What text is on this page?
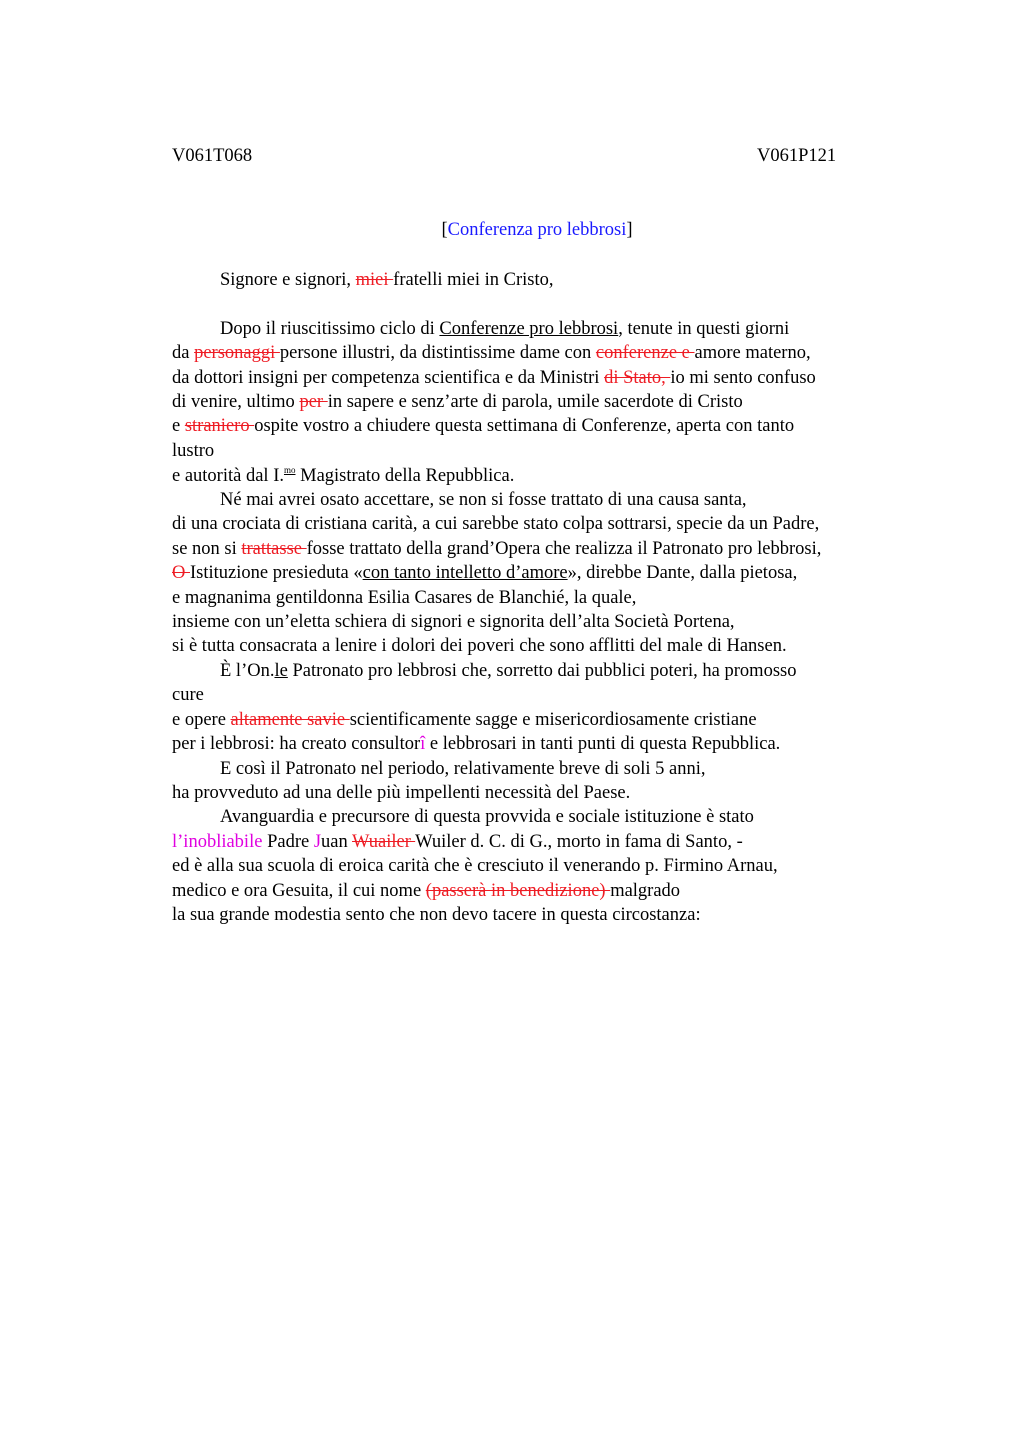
V061T068	V061P121
[Conferenza pro lebbrosi]
Signore e signori, miei fratelli miei in Cristo,
Dopo il riuscitissimo ciclo di Conferenze pro lebbrosi, tenute in questi giorni
da personaggi persone illustri, da distintissime dame con conferenze e amore materno,
da dottori insigni per competenza scientifica e da Ministri di Stato, io mi sento confuso
di venire, ultimo per in sapere e senz’arte di parola, umile sacerdote di Cristo
e straniero ospite vostro a chiudere questa settimana di Conferenze, aperta con tanto
lustro
e autorità dal I.$^{mo}$ Magistrato della Repubblica.
Né mai avrei osato accettare, se non si fosse trattato di una causa santa,
di una crociata di cristiana carità, a cui sarebbe stato colpa sottrarsi, specie da un Padre,
se non si trattasse fosse trattato della grand’Opera che realizza il Patronato pro lebbrosi,
O Istituzione presieduta «con tanto intelletto d’amore», direbbe Dante, dalla pietosa,
e magnanima gentildonna Esilia Casares de Blanchié, la quale,
insieme con un’eletta schiera di signori e signorita dell’alta Società Portena,
si è tutta consacrata a lenire i dolori dei poveri che sono afflitti del male di Hansen.
È l’On.le Patronato pro lebbrosi che, sorretto dai pubblici poteri, ha promosso
cure
e opere altamente savie scientificamente sagge e misericordiosamente cristiane
per i lebbrosi: ha creato consultorî e lebbrosari in tanti punti di questa Repubblica.
E così il Patronato nel periodo, relativamente breve di soli 5 anni,
ha provveduto ad una delle più impellenti necessità del Paese.
Avanguardia e precursore di questa provvida e sociale istituzione è stato
l’inobliabile Padre Juan Wuailer Wuiler d. C. di G., morto in fama di Santo, -
ed è alla sua scuola di eroica carità che è cresciuto il venerando p. Firmino Arnau,
medico e ora Gesuita, il cui nome (passerà in benedizione) malgrado
la sua grande modestia sento che non devo tacere in questa circostanza:
